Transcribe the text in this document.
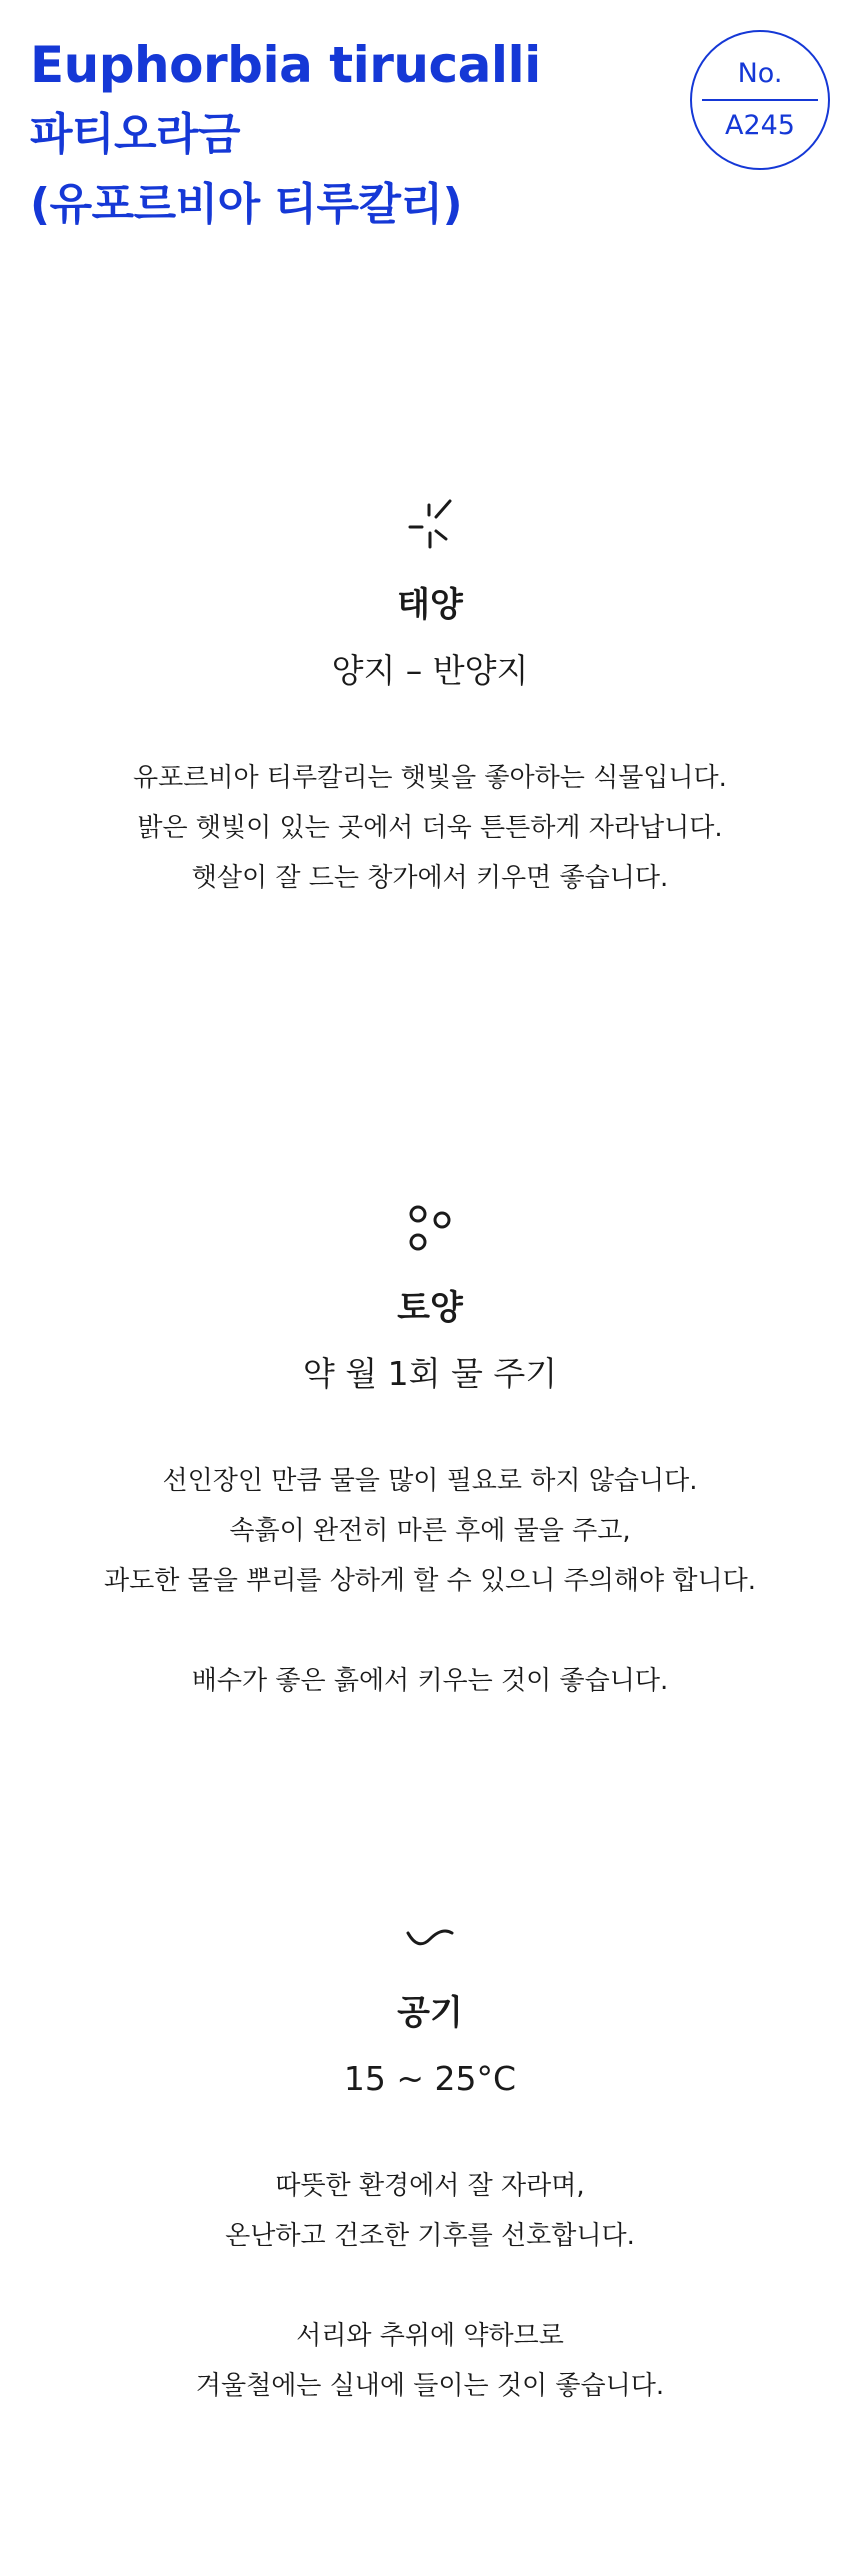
Euphorbia tirucalli
파티오라금
(유포르비아 티루칼리)
No.
A245
태양

양지 – 반양지

유포르비아 티루칼리는 햇빛을 좋아하는 식물입니다.
밝은 햇빛이 있는 곳에서 더욱 튼튼하게 자라납니다.
햇살이 잘 드는 창가에서 키우면 좋습니다.

토양

약 월 1회 물 주기

선인장인 만큼 물을 많이 필요로 하지 않습니다.
속흙이 완전히 마른 후에 물을 주고,
과도한 물을 뿌리를 상하게 할 수 있으니 주의해야 합니다.

배수가 좋은 흙에서 키우는 것이 좋습니다.

공기

15 ~ 25°C

따뜻한 환경에서 잘 자라며,
온난하고 건조한 기후를 선호합니다.

서리와 추위에 약하므로
겨울철에는 실내에 들이는 것이 좋습니다.
